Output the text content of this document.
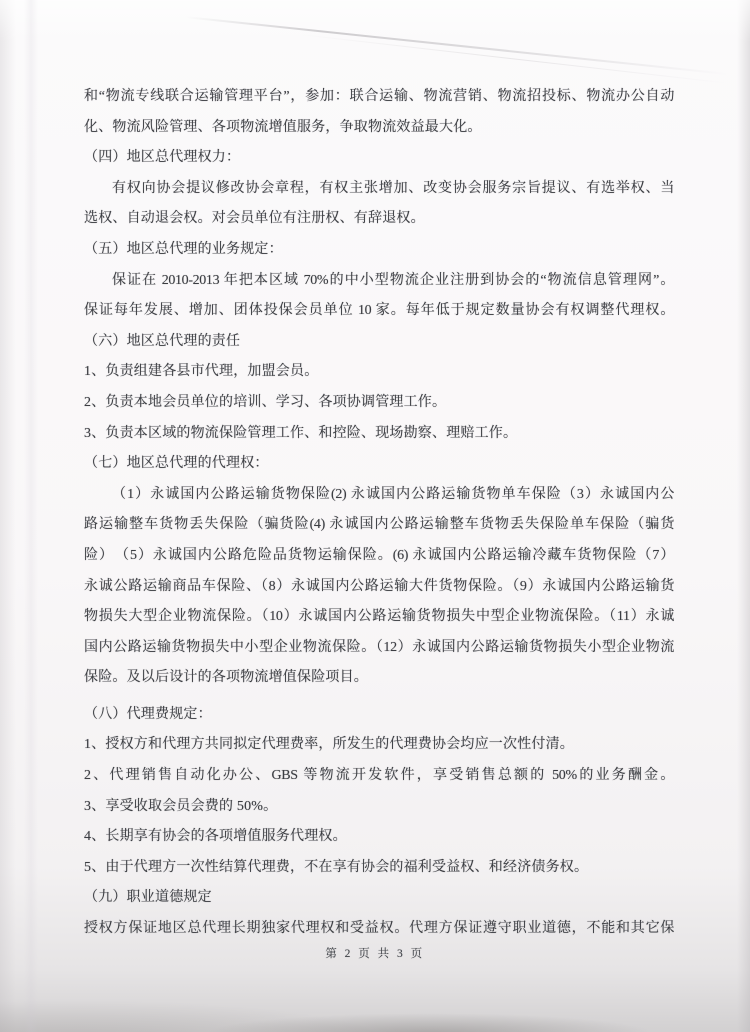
和“物流专线联合运输管理平台”，参加：联合运输、物流营销、物流招投标、物流办公自动
化、物流风险管理、各项物流增值服务，争取物流效益最大化。
（四）地区总代理权力：
有权向协会提议修改协会章程，有权主张增加、改变协会服务宗旨提议、有选举权、当
选权、自动退会权。对会员单位有注册权、有辞退权。
（五）地区总代理的业务规定：
保证在 2010-2013 年把本区域 70%的中小型物流企业注册到协会的“物流信息管理网”。
保证每年发展、增加、团体投保会员单位 10 家。每年低于规定数量协会有权调整代理权。
（六）地区总代理的责任
1、负责组建各县市代理，加盟会员。
2、负责本地会员单位的培训、学习、各项协调管理工作。
3、负责本区域的物流保险管理工作、和控险、现场勘察、理赔工作。
（七）地区总代理的代理权：
（1）永诚国内公路运输货物保险(2) 永诚国内公路运输货物单车保险（3）永诚国内公
路运输整车货物丢失保险（骗货险(4) 永诚国内公路运输整车货物丢失保险单车保险（骗货
险）　（5）永诚国内公路危险品货物运输保险。(6) 永诚国内公路运输冷藏车货物保险（7）
永诚公路运输商品车保险、（8）永诚国内公路运输大件货物保险。（9）永诚国内公路运输货
物损失大型企业物流保险。（10）永诚国内公路运输货物损失中型企业物流保险。（11）永诚
国内公路运输货物损失中小型企业物流保险。（12）永诚国内公路运输货物损失小型企业物流
保险。及以后设计的各项物流增值保险项目。
（八）代理费规定：
1、授权方和代理方共同拟定代理费率，所发生的代理费协会均应一次性付清。
2、代理销售自动化办公、GBS 等物流开发软件，享受销售总额的 50%的业务酬金。
3、享受收取会员会费的 50%。
4、长期享有协会的各项增值服务代理权。
5、由于代理方一次性结算代理费，不在享有协会的福利受益权、和经济债务权。
（九）职业道德规定
授权方保证地区总代理长期独家代理权和受益权。代理方保证遵守职业道德，不能和其它保
第 2 页 共 3 页
